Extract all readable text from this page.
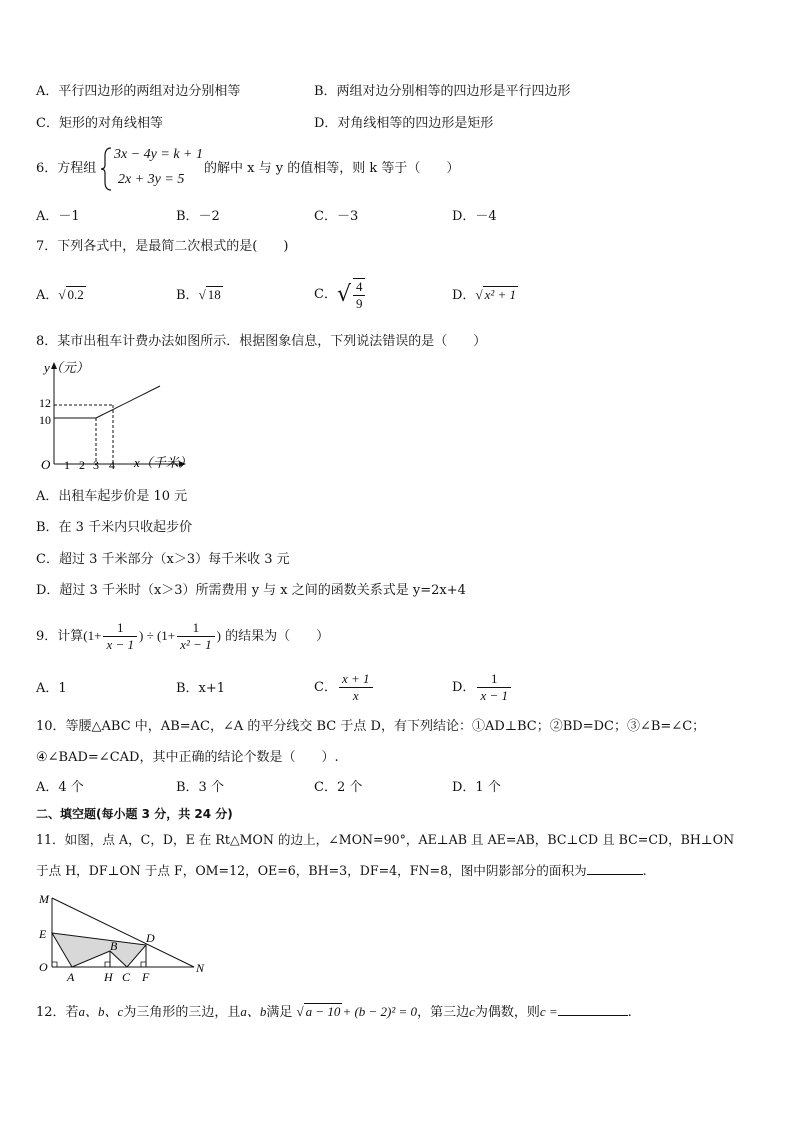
A．平行四边形的两组对边分别相等	B．两组对边分别相等的四边形是平行四边形
C．矩形的对角线相等	D．对角线相等的四边形是矩形
6．方程组
3x − 4y = k + 1
2x + 3y = 5
的解中 x 与 y 的值相等，则 k 等于（　　）
A．－1	B．－2	C．－3	D．－4
7．下列各式中，是最简二次根式的是(　　)
A．√ 0.2	B．√ 18	C．√ $\frac{4}{9}$	D．√ x² + 1
8．某市出租车计费办法如图所示．根据图象信息，下列说法错误的是（　　）
y（元）
x（千米）
O
12
10
1 2 3 4
A．出租车起步价是 10 元
B．在 3 千米内只收起步价
C．超过 3 千米部分（x＞3）每千米收 3 元
D．超过 3 千米时（x＞3）所需费用 y 与 x 之间的函数关系式是 y=2x+4
9．计算($1+ \frac{1}{x - 1}$ ) ÷ ($1+ \frac{1}{\text{x² − 1}}$ ) 的结果为（　　）
A．1	B．x+1	C． $\frac{x + 1}{x}$	D． $\frac{1}{x - 1}$
10．等腰△ABC 中，AB=AC，∠A 的平分线交 BC 于点 D，有下列结论：①AD⊥BC；②BD=DC；③∠B=∠C；
④∠BAD=∠CAD，其中正确的结论个数是（　　）.
A．4 个	B．3 个	C．2 个	D．1 个
二、填空题(每小题 3 分，共 24 分)
11．如图，点 A，C，D，E 在 Rt△MON 的边上，∠MON=90°，AE⊥AB 且 AE=AB，BC⊥CD 且 BC=CD，BH⊥ON
于点 H，DF⊥ON 于点 F，OM=12，OE=6，BH=3，DF=4，FN=8，图中阴影部分的面积为	.
M
E	D
B
O
A H C F
N
12．若a、b、c为三角形的三边，且a、b满足 √ a − 10 + (b − 2)² = 0，第三边c为偶数，则c =	.
